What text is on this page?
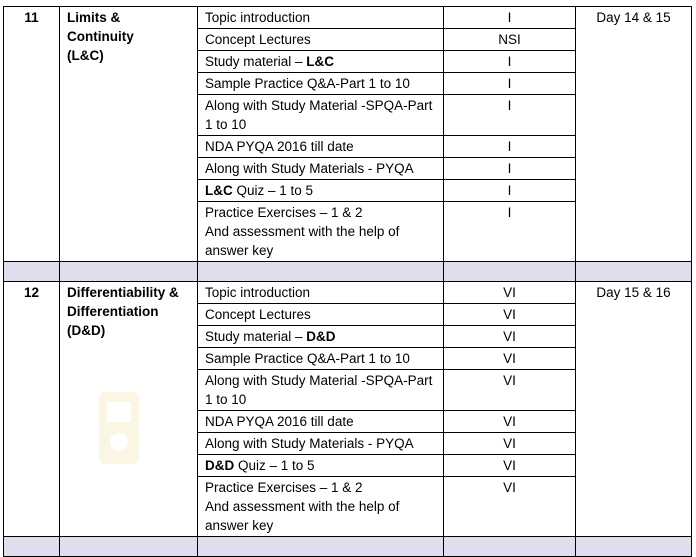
11	Limits &
Continuity
(L&C)	Topic introduction	I	Day 14 & 15
		Concept Lectures	NSI	
		Study material – L&C	I	
		Sample Practice Q&A-Part 1 to 10	I	
		Along with Study Material -SPQA-Part 1 to 10	I	
		NDA PYQA 2016 till date	I	
		Along with Study Materials - PYQA	I	
		L&C Quiz – 1 to 5	I	
		Practice Exercises – 1 & 2
And assessment with the help of answer key	I	

12	Differentiability &
Differentiation
(D&D)	Topic introduction	VI	Day 15 & 16
		Concept Lectures	VI	
		Study material – D&D	VI	
		Sample Practice Q&A-Part 1 to 10	VI	
		Along with Study Material -SPQA-Part 1 to 10	VI	
		NDA PYQA 2016 till date	VI	
		Along with Study Materials - PYQA	VI	
		D&D Quiz – 1 to 5	VI	
		Practice Exercises – 1 & 2
And assessment with the help of answer key	VI	
